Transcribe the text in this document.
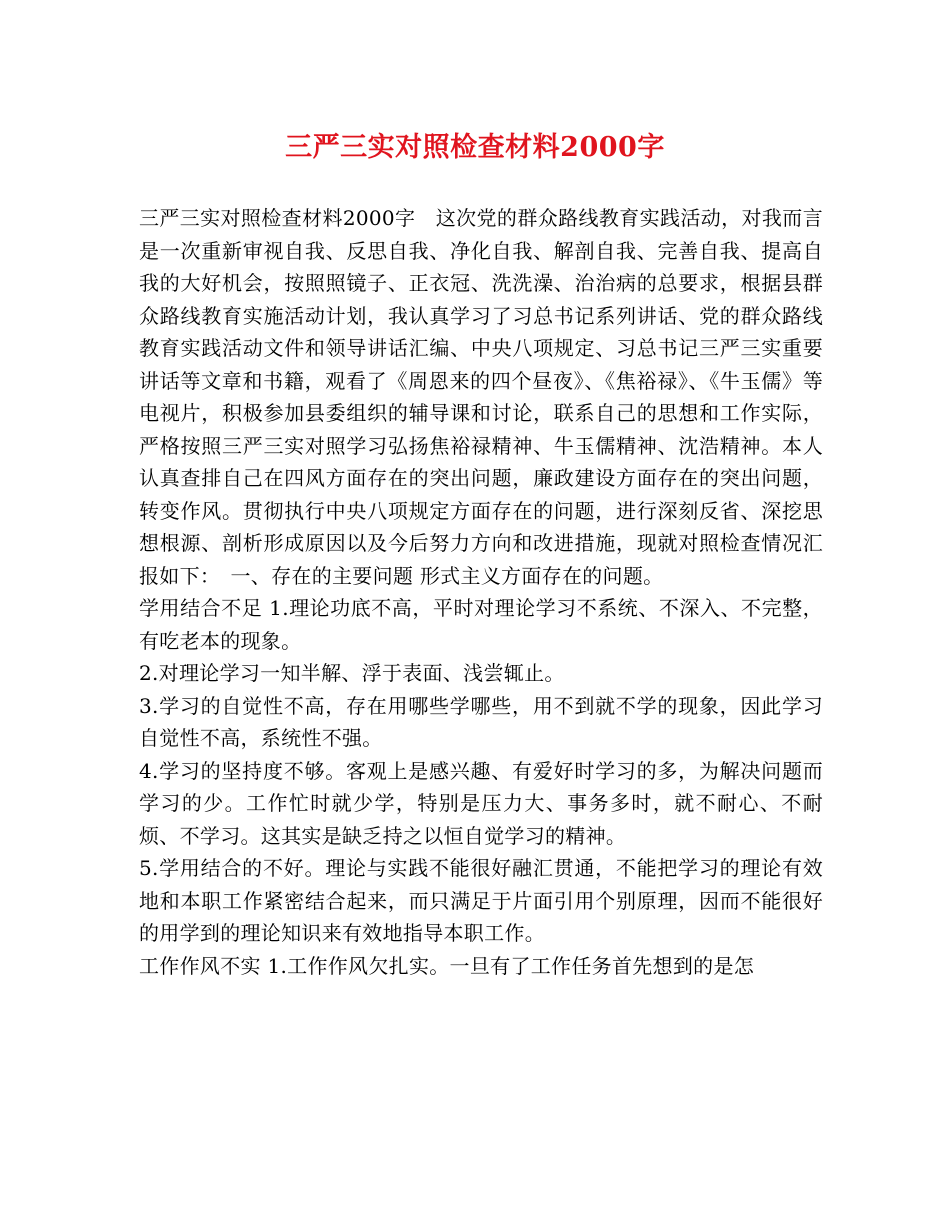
三严三实对照检查材料2000字

三严三实对照检查材料2000字　这次党的群众路线教育实践活动，对我而言是一次重新审视自我、反思自我、净化自我、解剖自我、完善自我、提高自我的大好机会，按照照镜子、正衣冠、洗洗澡、治治病的总要求，根据县群众路线教育实施活动计划，我认真学习了习总书记系列讲话、党的群众路线教育实践活动文件和领导讲话汇编、中央八项规定、习总书记三严三实重要讲话等文章和书籍，观看了《周恩来的四个昼夜》、《焦裕禄》、《牛玉儒》等电视片，积极参加县委组织的辅导课和讨论，联系自己的思想和工作实际，严格按照三严三实对照学习弘扬焦裕禄精神、牛玉儒精神、沈浩精神。本人认真查排自己在四风方面存在的突出问题，廉政建设方面存在的突出问题，转变作风。贯彻执行中央八项规定方面存在的问题，进行深刻反省、深挖思想根源、剖析形成原因以及今后努力方向和改进措施，现就对照检查情况汇报如下：　一、存在的主要问题 形式主义方面存在的问题。

学用结合不足 1.理论功底不高，平时对理论学习不系统、不深入、不完整，有吃老本的现象。

2.对理论学习一知半解、浮于表面、浅尝辄止。

3.学习的自觉性不高，存在用哪些学哪些，用不到就不学的现象，因此学习自觉性不高，系统性不强。

4.学习的坚持度不够。客观上是感兴趣、有爱好时学习的多，为解决问题而学习的少。工作忙时就少学，特别是压力大、事务多时，就不耐心、不耐烦、不学习。这其实是缺乏持之以恒自觉学习的精神。

5.学用结合的不好。理论与实践不能很好融汇贯通，不能把学习的理论有效地和本职工作紧密结合起来，而只满足于片面引用个别原理，因而不能很好的用学到的理论知识来有效地指导本职工作。

工作作风不实 1.工作作风欠扎实。一旦有了工作任务首先想到的是怎
